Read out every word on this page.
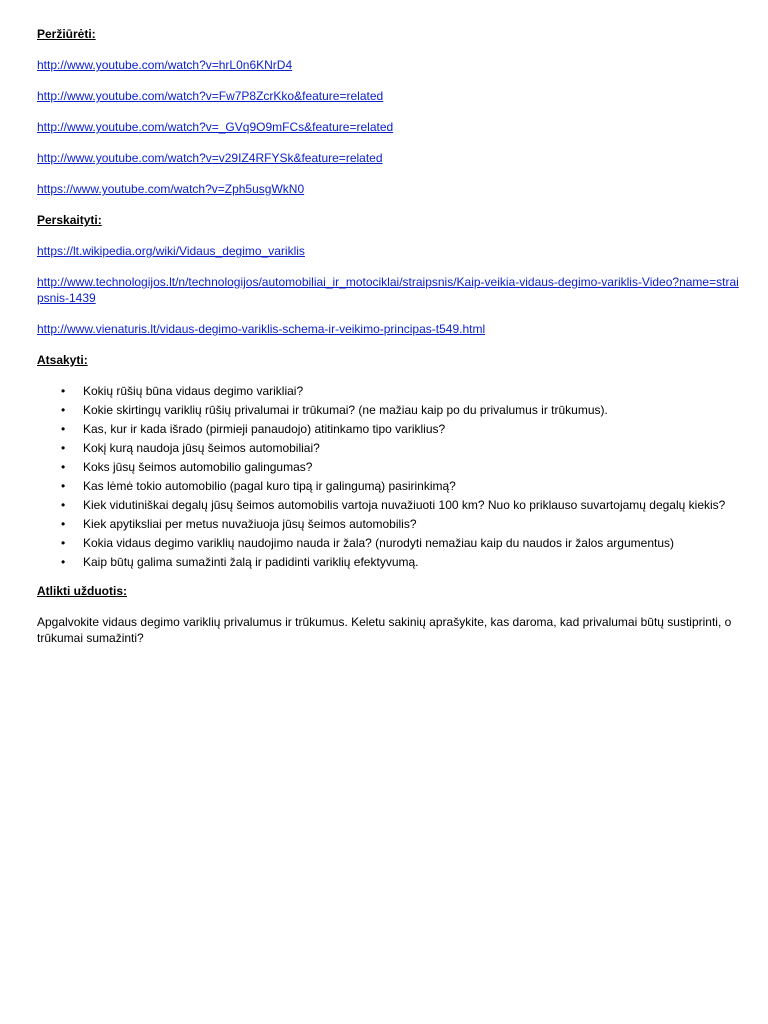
Peržiūrėti:
http://www.youtube.com/watch?v=hrL0n6KNrD4
http://www.youtube.com/watch?v=Fw7P8ZcrKko&feature=related
http://www.youtube.com/watch?v=_GVq9O9mFCs&feature=related
http://www.youtube.com/watch?v=v29IZ4RFYSk&feature=related
https://www.youtube.com/watch?v=Zph5usgWkN0
Perskaityti:
https://lt.wikipedia.org/wiki/Vidaus_degimo_variklis
http://www.technologijos.lt/n/technologijos/automobiliai_ir_motociklai/straipsnis/Kaip-veikia-vidaus-degimo-variklis-Video?name=straipsnis-1439
http://www.vienaturis.lt/vidaus-degimo-variklis-schema-ir-veikimo-principas-t549.html
Atsakyti:
• Kokių rūšių būna vidaus degimo varikliai?
• Kokie skirtingų variklių rūšių privalumai ir trūkumai? (ne mažiau kaip po du privalumus ir trūkumus).
• Kas, kur ir kada išrado (pirmieji panaudojo) atitinkamo tipo variklius?
• Kokį kurą naudoja jūsų šeimos automobiliai?
• Koks jūsų šeimos automobilio galingumas?
• Kas lėmė tokio automobilio (pagal kuro tipą ir galingumą) pasirinkimą?
• Kiek vidutiniškai degalų jūsų šeimos automobilis vartoja nuvažiuoti 100 km? Nuo ko priklauso suvartojamų degalų kiekis?
• Kiek apytiksliai per metus nuvažiuoja jūsų šeimos automobilis?
• Kokia vidaus degimo variklių naudojimo nauda ir žala? (nurodyti nemažiau kaip du naudos ir žalos argumentus)
• Kaip būtų galima sumažinti žalą ir padidinti variklių efektyvumą.
Atlikti užduotis:

Apgalvokite vidaus degimo variklių privalumus ir trūkumus. Keletu sakinių aprašykite, kas daroma, kad privalumai būtų sustiprinti, o trūkumai sumažinti?
